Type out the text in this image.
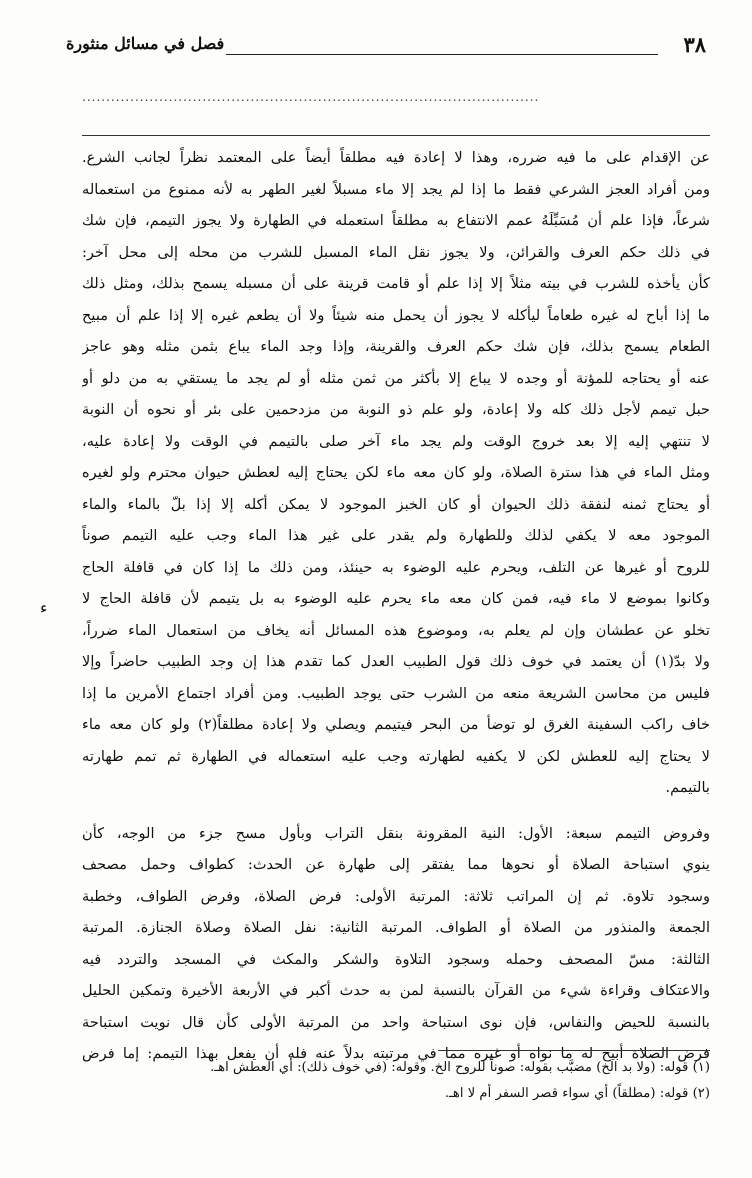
٣٨
فصل في مسائل منثورة
...............................................................................................
عن الإقدام على ما فيه ضرره، وهذا لا إعادة فيه مطلقاً أيضاً على المعتمد نظراً لجانب الشرع.
ومن أفراد العجز الشرعي فقط ما إذا لم يجد إلا ماء مسبلاً لغير الطهر به لأنه ممنوع من استعماله
شرعاً، فإذا علم أن مُسَبِّلَهُ عمم الانتفاع به مطلقاً استعمله في الطهارة ولا يجوز التيمم، فإن شك
في ذلك حكم العرف والقرائن، ولا يجوز نقل الماء المسبل للشرب من محله إلى محل آخر:
كأن يأخذه للشرب في بيته مثلاً إلا إذا علم أو قامت قرينة على أن مسبله يسمح بذلك، ومثل ذلك
ما إذا أباح له غيره طعاماً ليأكله لا يجوز أن يحمل منه شيئاً ولا أن يطعم غيره إلا إذا علم أن مبيح
الطعام يسمح بذلك، فإن شك حكم العرف والقرينة، وإذا وجد الماء يباع بثمن مثله وهو عاجز
عنه أو يحتاجه للمؤنة أو وجده لا يباع إلا بأكثر من ثمن مثله أو لم يجد ما يستقي به من دلو أو
حبل تيمم لأجل ذلك كله ولا إعادة، ولو علم ذو النوبة من مزدحمين على بئر أو نحوه أن النوبة
لا تنتهي إليه إلا بعد خروج الوقت ولم يجد ماء آخر صلى بالتيمم في الوقت ولا إعادة عليه،
ومثل الماء في هذا سترة الصلاة، ولو كان معه ماء لكن يحتاج إليه لعطش حيوان محترم ولو لغيره
أو يحتاج ثمنه لنفقة ذلك الحيوان أو كان الخبز الموجود لا يمكن أكله إلا إذا بلّ بالماء والماء
الموجود معه لا يكفي لذلك وللطهارة ولم يقدر على غير هذا الماء وجب عليه التيمم صوناً
للروح أو غيرها عن التلف، ويحرم عليه الوضوء به حينئذ، ومن ذلك ما إذا كان في قافلة الحاج
وكانوا بموضع لا ماء فيه، فمن كان معه ماء يحرم عليه الوضوء به بل يتيمم لأن قافلة الحاج لا
تخلو عن عطشان وإن لم يعلم به، وموضوع هذه المسائل أنه يخاف من استعمال الماء ضرراً،
ولا بدّ(١) أن يعتمد في خوف ذلك قول الطبيب العدل كما تقدم هذا إن وجد الطبيب حاضراً وإلا
فليس من محاسن الشريعة منعه من الشرب حتى يوجد الطبيب. ومن أفراد اجتماع الأمرين ما إذا
خاف راكب السفينة الغرق لو توضأ من البحر فيتيمم ويصلي ولا إعادة مطلقاً(٢) ولو كان معه ماء
لا يحتاج إليه للعطش لكن لا يكفيه لطهارته وجب عليه استعماله في الطهارة ثم تمم طهارته
بالتيمم.
وفروض التيمم سبعة: الأول: النية المقرونة بنقل التراب وبأول مسح جزء من الوجه، كأن
ينوي استباحة الصلاة أو نحوها مما يفتقر إلى طهارة عن الحدث: كطواف وحمل مصحف
وسجود تلاوة. ثم إن المراتب ثلاثة: المرتبة الأولى: فرض الصلاة، وفرض الطواف، وخطبة
الجمعة والمنذور من الصلاة أو الطواف. المرتبة الثانية: نفل الصلاة وصلاة الجنازة. المرتبة
الثالثة: مسّ المصحف وحمله وسجود التلاوة والشكر والمكث في المسجد والتردد فيه
والاعتكاف وقراءة شيء من القرآن بالنسبة لمن به حدث أكبر في الأربعة الأخيرة وتمكين الحليل
بالنسبة للحيض والنفاس، فإن نوى استباحة واحد من المرتبة الأولى كأن قال نويت استباحة
فرض الصلاة أبيح له ما نواه أو غيره مما في مرتبته بدلاً عنه فله أن يفعل بهذا التيمم: إما فرض
ء
(١) قوله: (ولا بد الخ) مضبَّب بقوله: صوناً للروح الخ. وقوله: (في خوف ذلك): أي العطش اهـ.
(٢) قوله: (مطلقاً) أي سواء قصر السفر أم لا اهـ.
